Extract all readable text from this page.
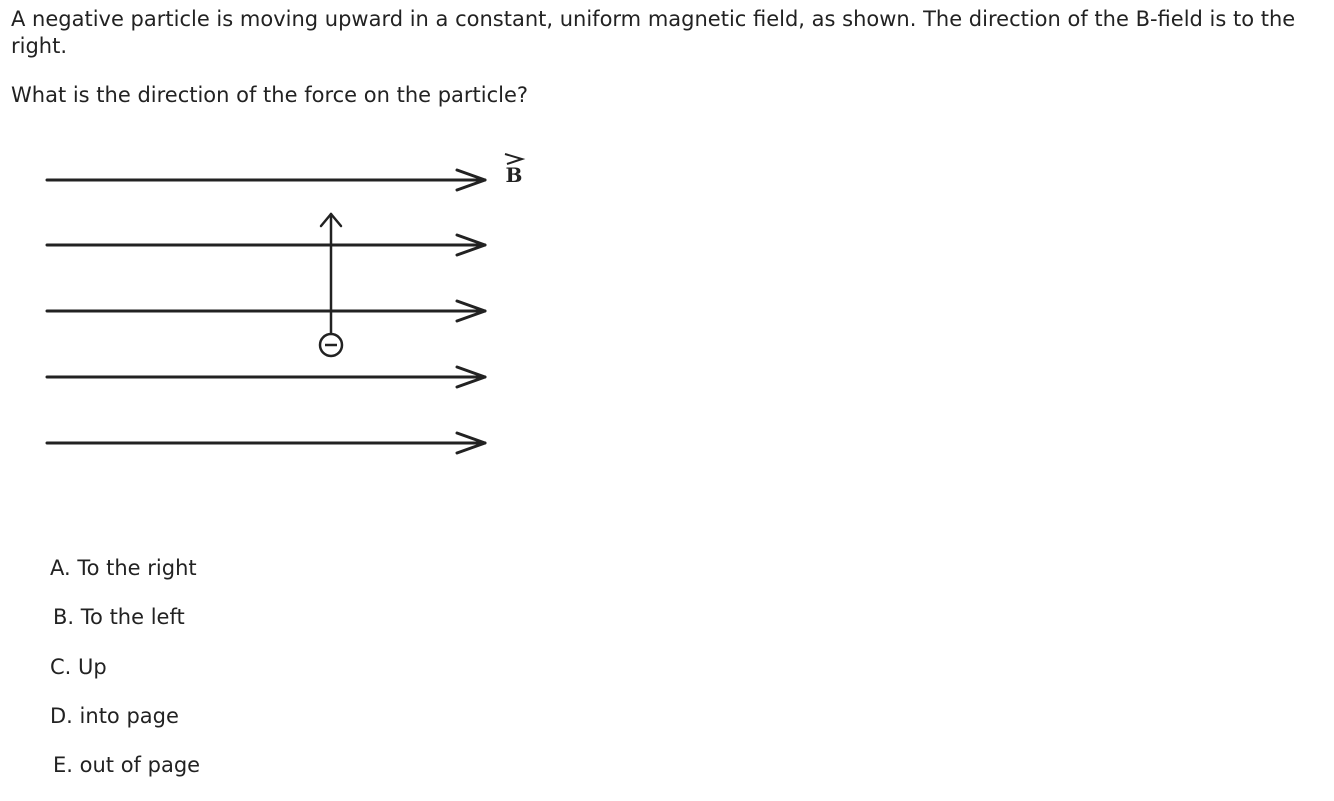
A negative particle is moving upward in a constant, uniform magnetic field, as shown. The direction of the B-field is to the right.

What is the direction of the force on the particle?

B
A. To the right
B. To the left
C. Up
D. into page
E. out of page
